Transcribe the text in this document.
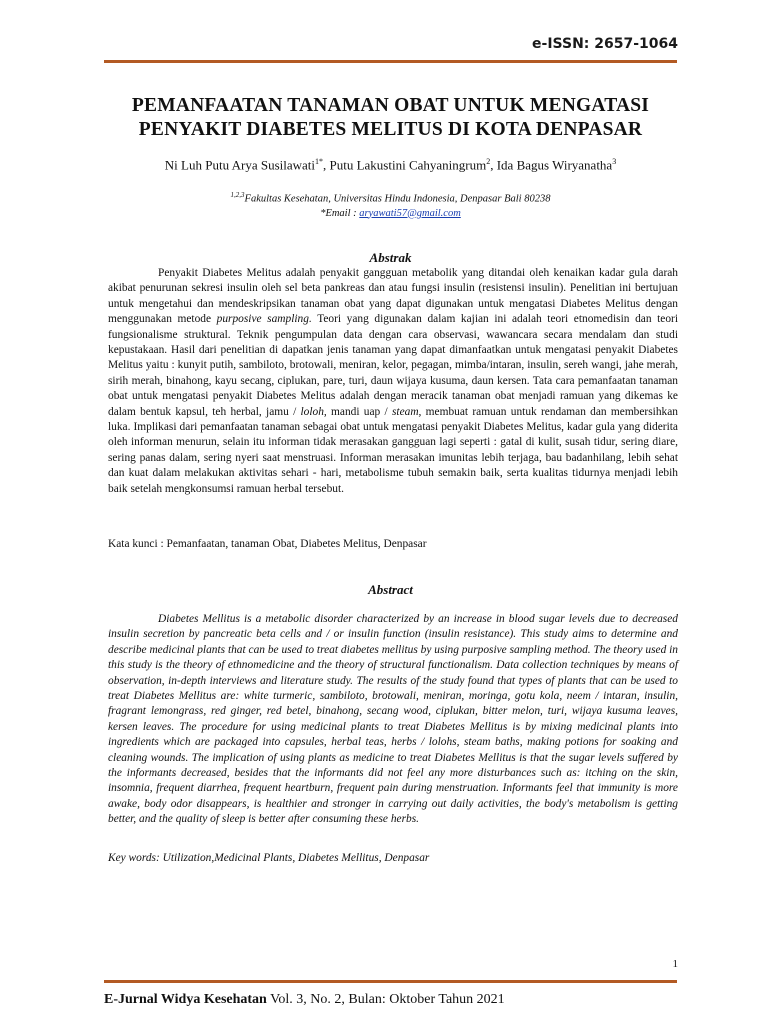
e-ISSN: 2657-1064
PEMANFAATAN TANAMAN OBAT UNTUK MENGATASI
PENYAKIT DIABETES MELITUS DI KOTA DENPASAR
Ni Luh Putu Arya Susilawati$^{1*}$, Putu Lakustini Cahyaningrum$^2$, Ida Bagus Wiryanatha$^3$
$^{1,2,3}$Fakultas Kesehatan, Universitas Hindu Indonesia, Denpasar Bali 80238
*Email : aryawati57@gmail.com
Abstrak

Penyakit Diabetes Melitus adalah penyakit gangguan metabolik yang ditandai oleh kenaikan kadar gula darah akibat penurunan sekresi insulin oleh sel beta pankreas dan atau fungsi insulin (resistensi insulin). Penelitian ini bertujuan untuk mengetahui dan mendeskripsikan tanaman obat yang dapat digunakan untuk mengatasi Diabetes Melitus dengan menggunakan metode purposive sampling. Teori yang digunakan dalam kajian ini adalah teori etnomedisin dan teori fungsionalisme struktural. Teknik pengumpulan data dengan cara observasi, wawancara secara mendalam dan studi kepustakaan. Hasil dari penelitian di dapatkan jenis tanaman yang dapat dimanfaatkan untuk mengatasi penyakit Diabetes Melitus yaitu : kunyit putih, sambiloto, brotowali, meniran, kelor, pegagan, mimba/intaran, insulin, sereh wangi, jahe merah, sirih merah, binahong, kayu secang, ciplukan, pare, turi, daun wijaya kusuma, daun kersen. Tata cara pemanfaatan tanaman obat untuk mengatasi penyakit Diabetes Melitus adalah dengan meracik tanaman obat menjadi ramuan yang dikemas ke dalam bentuk kapsul, teh herbal, jamu / loloh, mandi uap / steam, membuat ramuan untuk rendaman dan membersihkan luka. Implikasi dari pemanfaatan tanaman sebagai obat untuk mengatasi penyakit Diabetes Melitus, kadar gula yang diderita oleh informan menurun, selain itu informan tidak merasakan gangguan lagi seperti : gatal di kulit, susah tidur, sering diare, sering panas dalam, sering nyeri saat menstruasi. Informan merasakan imunitas lebih terjaga, bau badanhilang, lebih sehat dan kuat dalam melakukan aktivitas sehari - hari, metabolisme tubuh semakin baik, serta kualitas tidurnya menjadi lebih baik setelah mengkonsumsi ramuan herbal tersebut.

Kata kunci : Pemanfaatan, tanaman Obat, Diabetes Melitus, Denpasar
Abstract

Diabetes Mellitus is a metabolic disorder characterized by an increase in blood sugar levels due to decreased insulin secretion by pancreatic beta cells and / or insulin function (insulin resistance). This study aims to determine and describe medicinal plants that can be used to treat diabetes mellitus by using purposive sampling method. The theory used in this study is the theory of ethnomedicine and the theory of structural functionalism. Data collection techniques by means of observation, in-depth interviews and literature study. The results of the study found that types of plants that can be used to treat Diabetes Mellitus are: white turmeric, sambiloto, brotowali, meniran, moringa, gotu kola, neem / intaran, insulin, fragrant lemongrass, red ginger, red betel, binahong, secang wood, ciplukan, bitter melon, turi, wijaya kusuma leaves, kersen leaves. The procedure for using medicinal plants to treat Diabetes Mellitus is by mixing medicinal plants into ingredients which are packaged into capsules, herbal teas, herbs / lolohs, steam baths, making potions for soaking and cleaning wounds. The implication of using plants as medicine to treat Diabetes Mellitus is that the sugar levels suffered by the informants decreased, besides that the informants did not feel any more disturbances such as: itching on the skin, insomnia, frequent diarrhea, frequent heartburn, frequent pain during menstruation. Informants feel that immunity is more awake, body odor disappears, is healthier and stronger in carrying out daily activities, the body's metabolism is getting better, and the quality of sleep is better after consuming these herbs.

Key words: Utilization,Medicinal Plants, Diabetes Mellitus, Denpasar
1
E-Jurnal Widya Kesehatan Vol. 3, No. 2, Bulan: Oktober Tahun 2021
